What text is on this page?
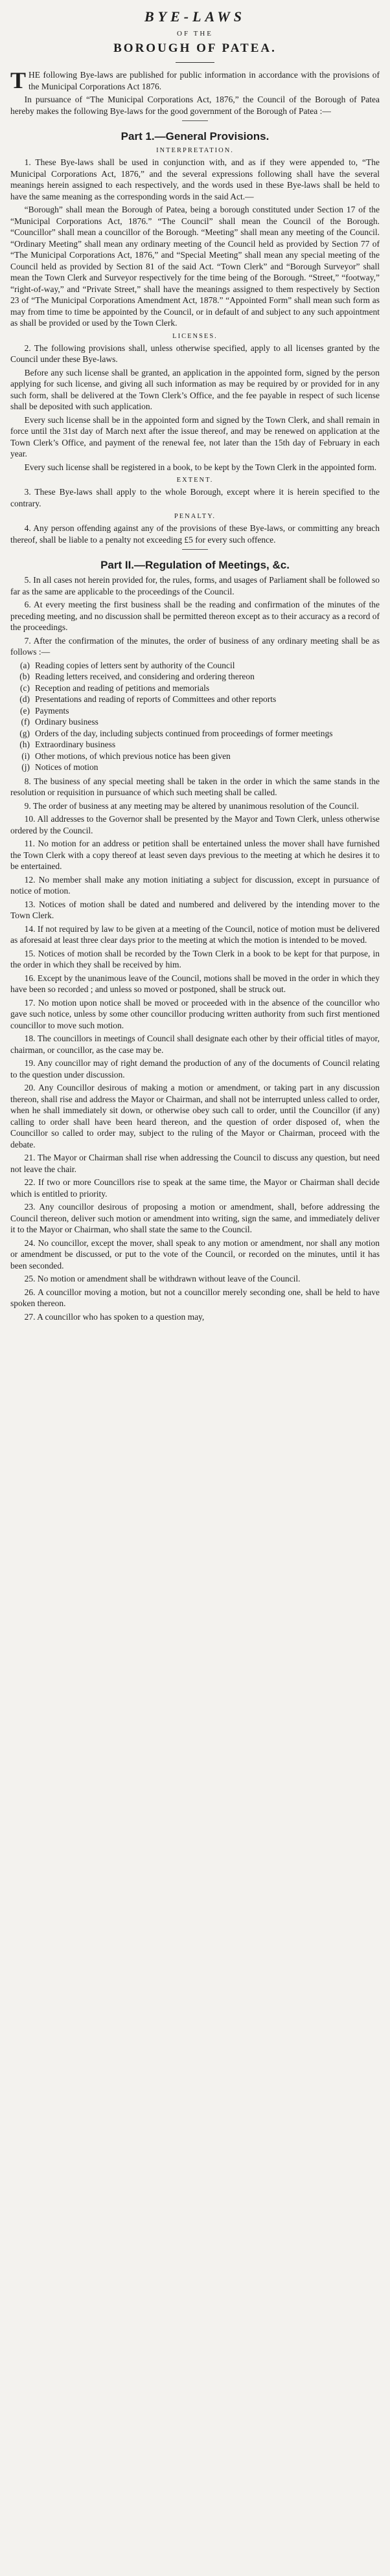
BYE-LAWS
OF THE
BOROUGH OF PATEA.

THE following Bye-laws are published for public information in accordance with the provisions of the Municipal Corporations Act 1876.

In pursuance of “The Municipal Corporations Act, 1876,” the Council of the Borough of Patea hereby makes the following Bye-laws for the good government of the Borough of Patea :—

Part 1.—General Provisions.
INTERPRETATION.

1. These Bye-laws shall be used in conjunction with, and as if they were appended to, “The Municipal Corporations Act, 1876,” and the several expressions following shall have the several meanings herein assigned to each respectively, and the words used in these Bye-laws shall be held to have the same meaning as the corresponding words in the said Act.—

“Borough” shall mean the Borough of Patea, being a borough constituted under Section 17 of the “Municipal Corporations Act, 1876.” “The Council” shall mean the Council of the Borough. “Councillor” shall mean a councillor of the Borough. “Meeting” shall mean any meeting of the Council. “Ordinary Meeting” shall mean any ordinary meeting of the Council held as provided by Section 77 of “The Municipal Corporations Act, 1876,” and “Special Meeting” shall mean any special meeting of the Council held as provided by Section 81 of the said Act. “Town Clerk” and “Borough Surveyor” shall mean the Town Clerk and Surveyor respectively for the time being of the Borough. “Street,” “footway,” “right-of-way,” and “Private Street,” shall have the meanings assigned to them respectively by Section 23 of “The Municipal Corporations Amendment Act, 1878.” “Appointed Form” shall mean such form as may from time to time be appointed by the Council, or in default of and subject to any such appointment as shall be provided or used by the Town Clerk.

LICENSES.

2. The following provisions shall, unless otherwise specified, apply to all licenses granted by the Council under these Bye-laws.

Before any such license shall be granted, an application in the appointed form, signed by the person applying for such license, and giving all such information as may be required by or provided for in any such form, shall be delivered at the Town Clerk’s Office, and the fee payable in respect of such license shall be deposited with such application.

Every such license shall be in the appointed form and signed by the Town Clerk, and shall remain in force until the 31st day of March next after the issue thereof, and may be renewed on application at the Town Clerk’s Office, and payment of the renewal fee, not later than the 15th day of February in each year.

Every such license shall be registered in a book, to be kept by the Town Clerk in the appointed form.

EXTENT.

3. These Bye-laws shall apply to the whole Borough, except where it is herein specified to the contrary.

PENALTY.

4. Any person offending against any of the provisions of these Bye-laws, or committing any breach thereof, shall be liable to a penalty not exceeding £5 for every such offence.

Part II.—Regulation of Meetings, &c.

5. In all cases not herein provided for, the rules, forms, and usages of Parliament shall be followed so far as the same are applicable to the proceedings of the Council.

6. At every meeting the first business shall be the reading and confirmation of the minutes of the preceding meeting, and no discussion shall be permitted thereon except as to their accuracy as a record of the proceedings.

7. After the confirmation of the minutes, the order of business of any ordinary meeting shall be as follows :—

(a) Reading copies of letters sent by authority of the Council
(b) Reading letters received, and considering and ordering thereon
(c) Reception and reading of petitions and memorials
(d) Presentations and reading of reports of Committees and other reports
(e) Payments
(f) Ordinary business
(g) Orders of the day, including subjects continued from proceedings of former meetings
(h) Extraordinary business
(i) Other motions, of which previous notice has been given
(j) Notices of motion

8. The business of any special meeting shall be taken in the order in which the same stands in the resolution or requisition in pursuance of which such meeting shall be called.

9. The order of business at any meeting may be altered by unanimous resolution of the Council.

10. All addresses to the Governor shall be presented by the Mayor and Town Clerk, unless otherwise ordered by the Council.

11. No motion for an address or petition shall be entertained unless the mover shall have furnished the Town Clerk with a copy thereof at least seven days previous to the meeting at which he desires it to be entertained.

12. No member shall make any motion initiating a subject for discussion, except in pursuance of notice of motion.

13. Notices of motion shall be dated and numbered and delivered by the intending mover to the Town Clerk.

14. If not required by law to be given at a meeting of the Council, notice of motion must be delivered as aforesaid at least three clear days prior to the meeting at which the motion is intended to be moved.

15. Notices of motion shall be recorded by the Town Clerk in a book to be kept for that purpose, in the order in which they shall be received by him.

16. Except by the unanimous leave of the Council, motions shall be moved in the order in which they have been so recorded ; and unless so moved or postponed, shall be struck out.

17. No motion upon notice shall be moved or proceeded with in the absence of the councillor who gave such notice, unless by some other councillor producing written authority from such first mentioned councillor to move such motion.

18. The councillors in meetings of Council shall designate each other by their official titles of mayor, chairman, or councillor, as the case may be.

19. Any councillor may of right demand the production of any of the documents of Council relating to the question under discussion.

20. Any Councillor desirous of making a motion or amendment, or taking part in any discussion thereon, shall rise and address the Mayor or Chairman, and shall not be interrupted unless called to order, when he shall immediately sit down, or otherwise obey such call to order, until the Councillor (if any) calling to order shall have been heard thereon, and the question of order disposed of, when the Councillor so called to order may, subject to the ruling of the Mayor or Chairman, proceed with the debate.

21. The Mayor or Chairman shall rise when addressing the Council to discuss any question, but need not leave the chair.

22. If two or more Councillors rise to speak at the same time, the Mayor or Chairman shall decide which is entitled to priority.

23. Any councillor desirous of proposing a motion or amendment, shall, before addressing the Council thereon, deliver such motion or amendment into writing, sign the same, and immediately deliver it to the Mayor or Chairman, who shall state the same to the Council.

24. No councillor, except the mover, shall speak to any motion or amendment, nor shall any motion or amendment be discussed, or put to the vote of the Council, or recorded on the minutes, until it has been seconded.

25. No motion or amendment shall be withdrawn without leave of the Council.

26. A councillor moving a motion, but not a councillor merely seconding one, shall be held to have spoken thereon.

27. A councillor who has spoken to a question may,
